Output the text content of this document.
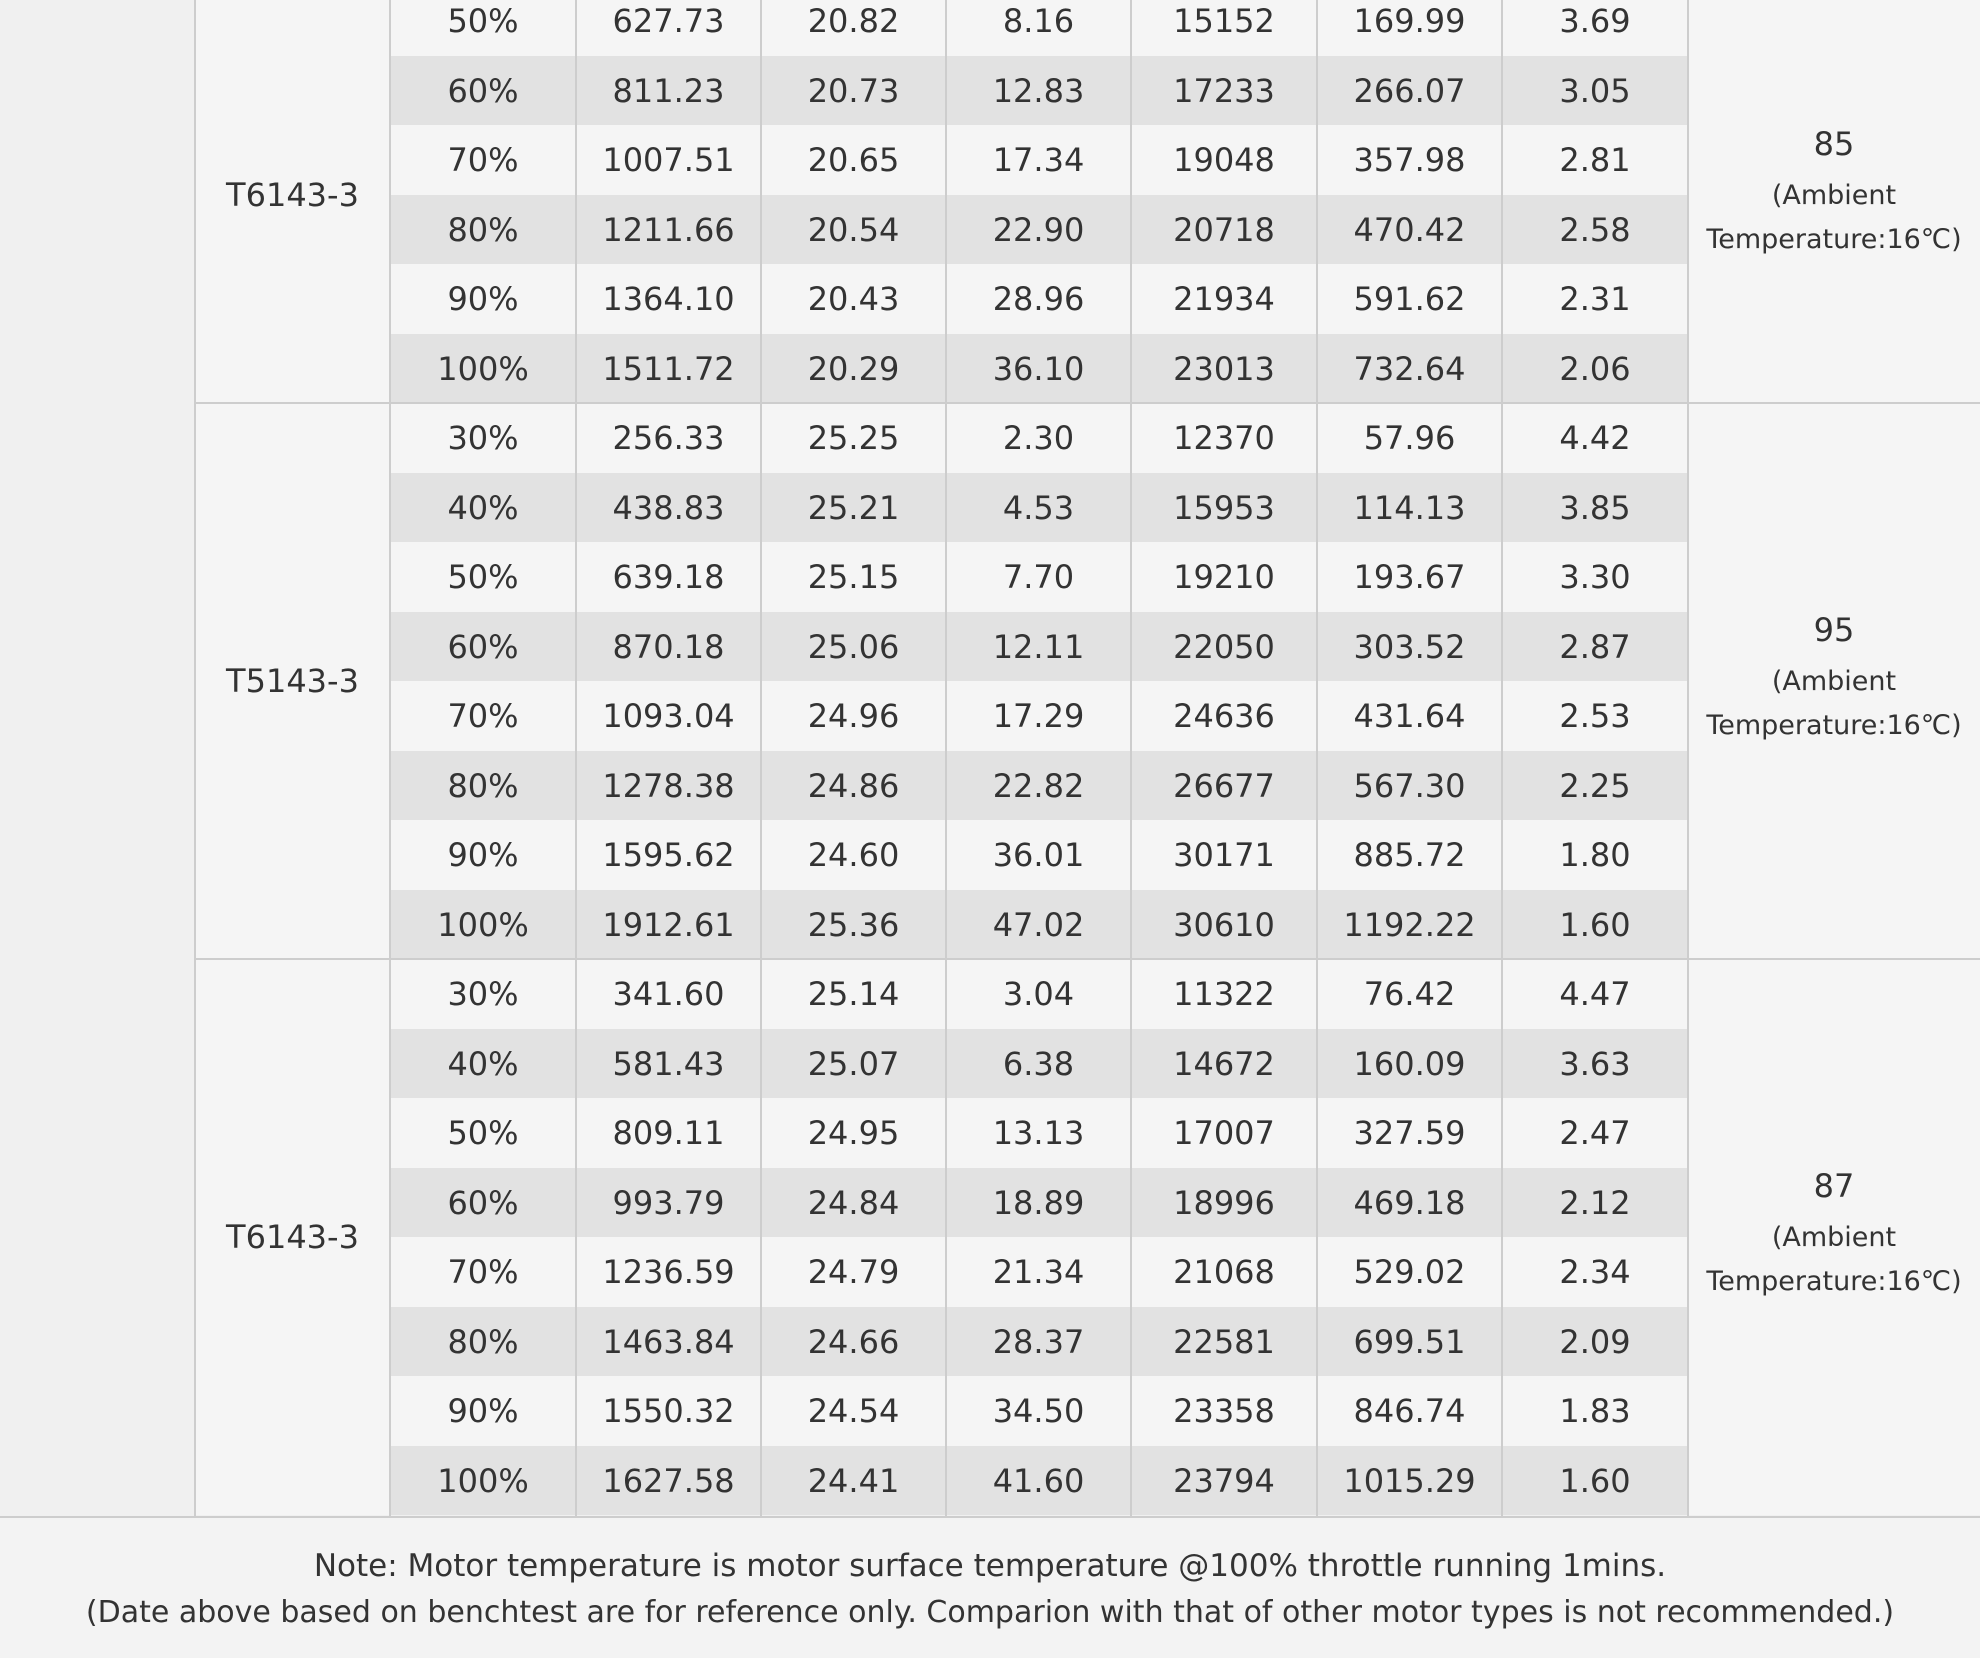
T6143-3
50%	627.73	20.82	8.16	15152	169.99	3.69
60%	811.23	20.73	12.83	17233	266.07	3.05
70%	1007.51	20.65	17.34	19048	357.98	2.81
80%	1211.66	20.54	22.90	20718	470.42	2.58
90%	1364.10	20.43	28.96	21934	591.62	2.31
100%	1511.72	20.29	36.10	23013	732.64	2.06
85
(Ambient
Temperature:16℃)
T5143-3
30%	256.33	25.25	2.30	12370	57.96	4.42
40%	438.83	25.21	4.53	15953	114.13	3.85
50%	639.18	25.15	7.70	19210	193.67	3.30
60%	870.18	25.06	12.11	22050	303.52	2.87
70%	1093.04	24.96	17.29	24636	431.64	2.53
80%	1278.38	24.86	22.82	26677	567.30	2.25
90%	1595.62	24.60	36.01	30171	885.72	1.80
100%	1912.61	25.36	47.02	30610	1192.22	1.60
95
(Ambient
Temperature:16℃)
T6143-3
30%	341.60	25.14	3.04	11322	76.42	4.47
40%	581.43	25.07	6.38	14672	160.09	3.63
50%	809.11	24.95	13.13	17007	327.59	2.47
60%	993.79	24.84	18.89	18996	469.18	2.12
70%	1236.59	24.79	21.34	21068	529.02	2.34
80%	1463.84	24.66	28.37	22581	699.51	2.09
90%	1550.32	24.54	34.50	23358	846.74	1.83
100%	1627.58	24.41	41.60	23794	1015.29	1.60
87
(Ambient
Temperature:16℃)
Note: Motor temperature is motor surface temperature @100% throttle running 1mins.
(Date above based on benchtest are for reference only. Comparion with that of other motor types is not recommended.)
